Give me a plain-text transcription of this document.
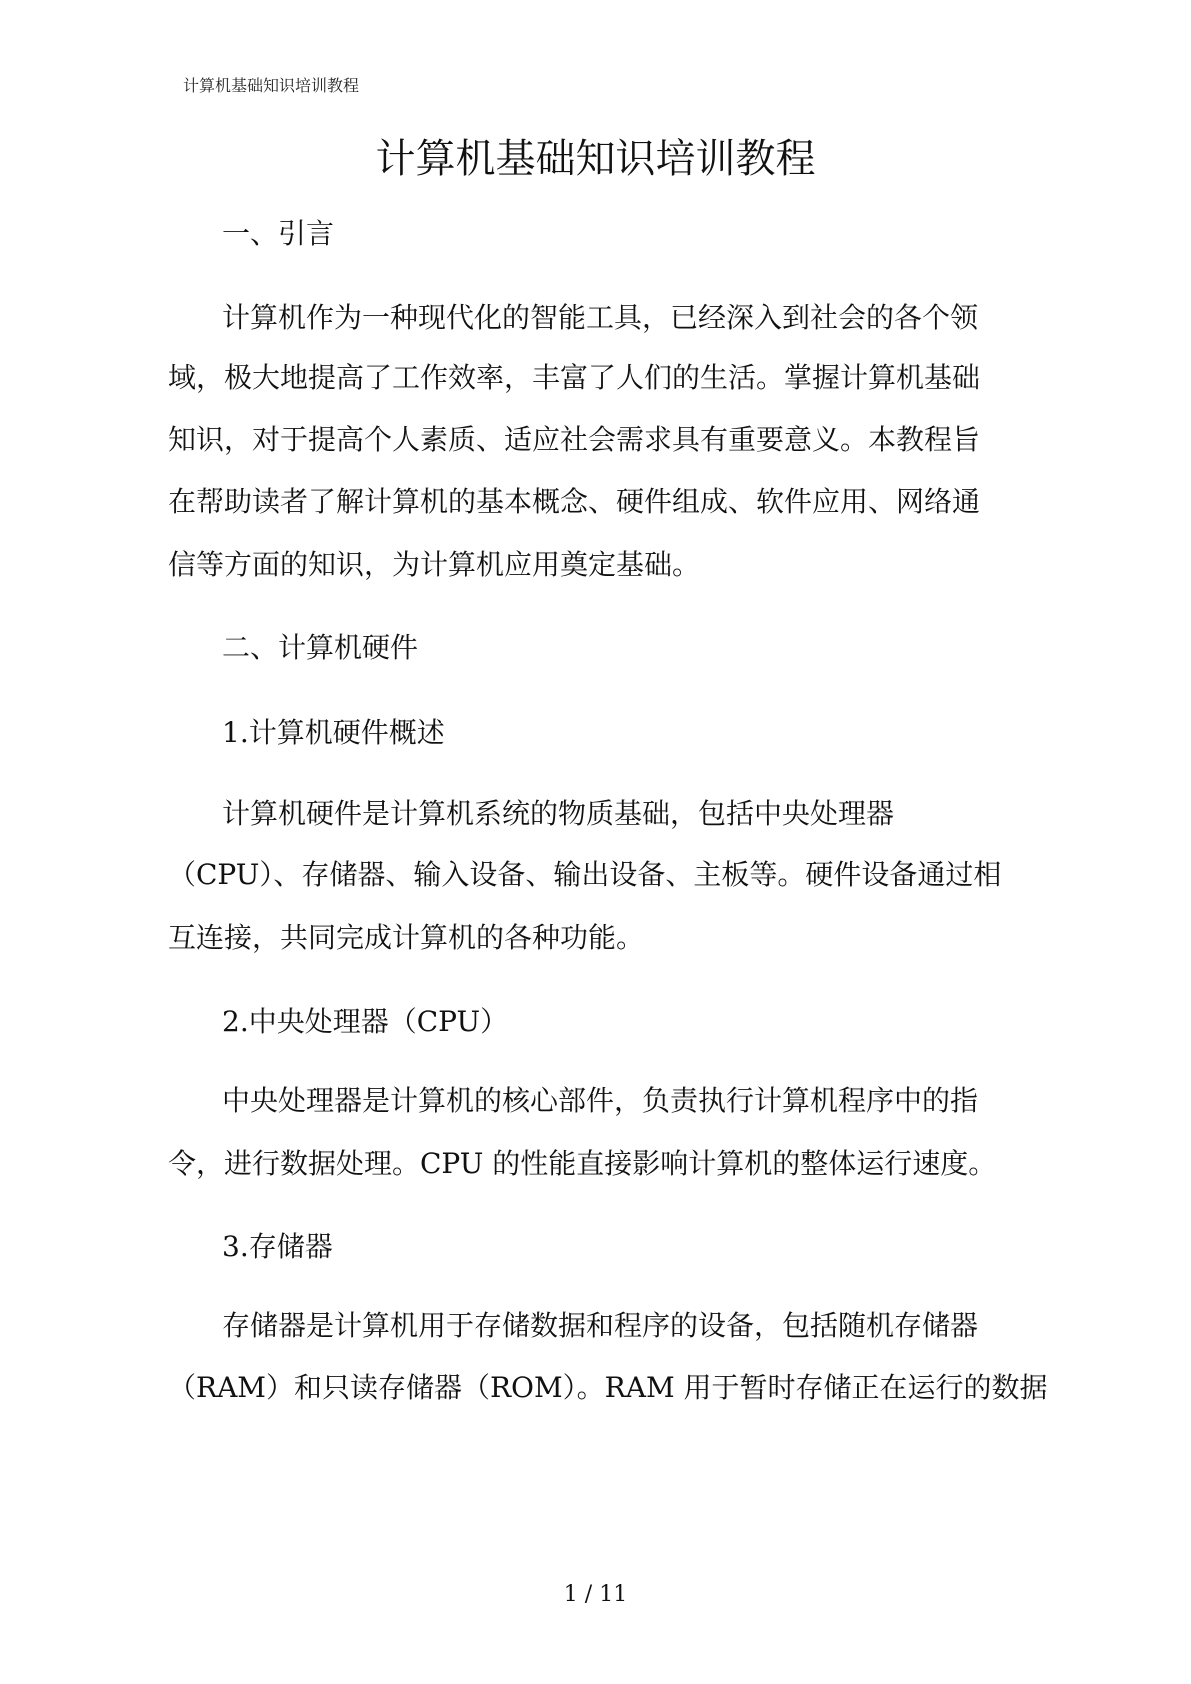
计算机基础知识培训教程
计算机基础知识培训教程
一、引言
计算机作为一种现代化的智能工具，已经深入到社会的各个领
域，极大地提高了工作效率，丰富了人们的生活。掌握计算机基础
知识，对于提高个人素质、适应社会需求具有重要意义。本教程旨
在帮助读者了解计算机的基本概念、硬件组成、软件应用、网络通
信等方面的知识，为计算机应用奠定基础。
二、计算机硬件
1.计算机硬件概述
计算机硬件是计算机系统的物质基础，包括中央处理器
（CPU）、存储器、输入设备、输出设备、主板等。硬件设备通过相
互连接，共同完成计算机的各种功能。
2.中央处理器（CPU）
中央处理器是计算机的核心部件，负责执行计算机程序中的指
令，进行数据处理。CPU 的性能直接影响计算机的整体运行速度。
3.存储器
存储器是计算机用于存储数据和程序的设备，包括随机存储器
（RAM）和只读存储器（ROM）。RAM 用于暂时存储正在运行的数据
1 / 11
